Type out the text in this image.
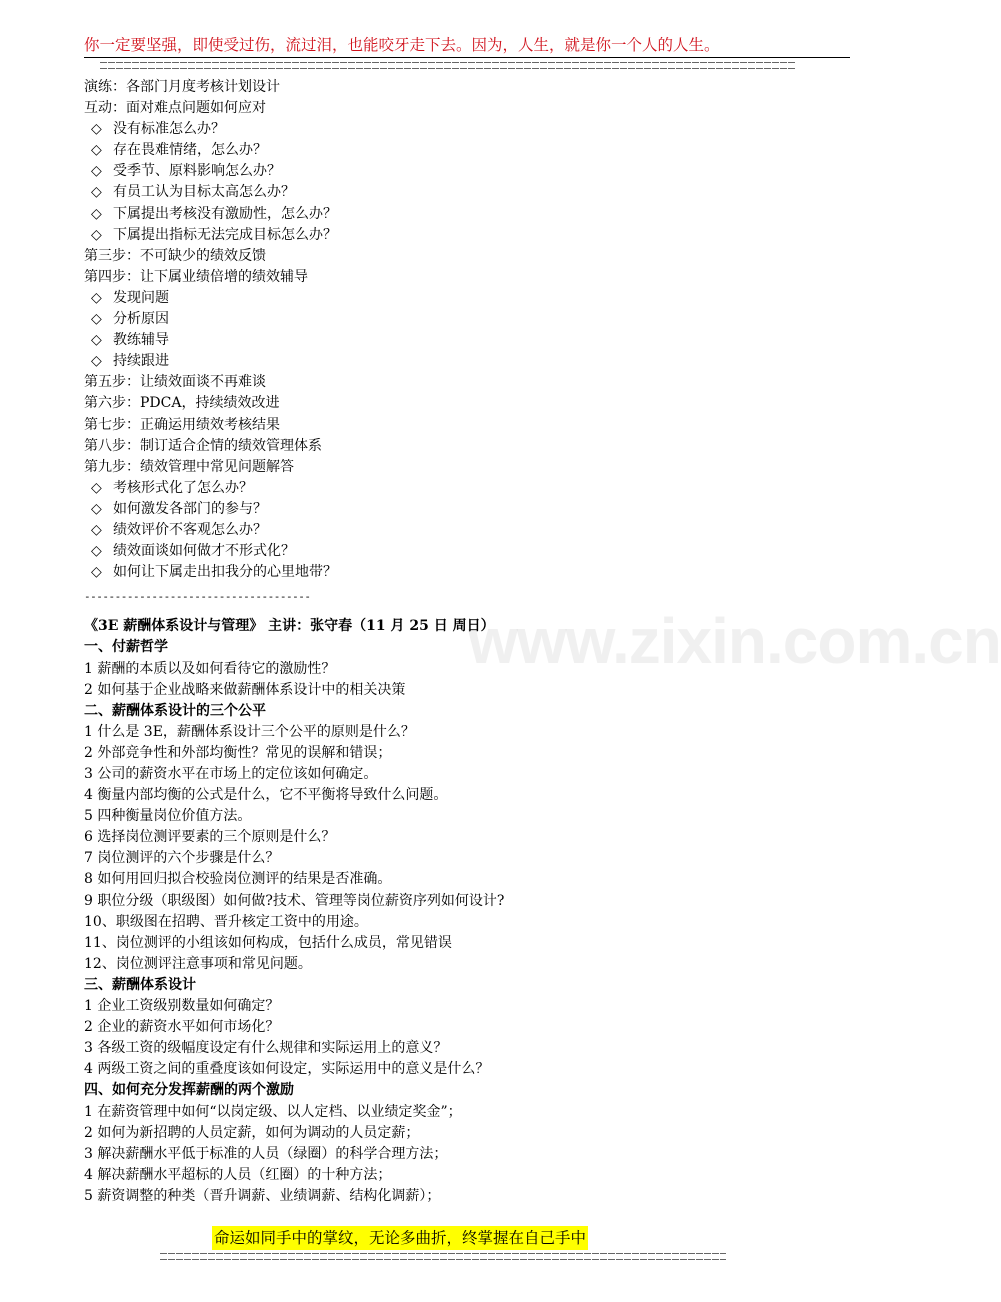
你一定要坚强，即使受过伤，流过泪，也能咬牙走下去。因为，人生，就是你一个人的人生。
www.zixin.com.cn
演练：各部门月度考核计划设计
互动：面对难点问题如何应对
◇ 没有标准怎么办？
◇ 存在畏难情绪，怎么办？
◇ 受季节、原料影响怎么办？
◇ 有员工认为目标太高怎么办？
◇ 下属提出考核没有激励性，怎么办？
◇ 下属提出指标无法完成目标怎么办？
第三步：不可缺少的绩效反馈
第四步：让下属业绩倍增的绩效辅导
◇ 发现问题
◇ 分析原因
◇ 教练辅导
◇ 持续跟进
第五步：让绩效面谈不再难谈
第六步：PDCA，持续绩效改进
第七步：正确运用绩效考核结果
第八步：制订适合企情的绩效管理体系
第九步：绩效管理中常见问题解答
◇ 考核形式化了怎么办？
◇ 如何激发各部门的参与？
◇ 绩效评价不客观怎么办？
◇ 绩效面谈如何做才不形式化？
◇ 如何让下属走出扣我分的心里地带？
-------------------------------------
《3E 薪酬体系设计与管理》 主讲：张守春（11 月 25 日 周日）
一、付薪哲学
1 薪酬的本质以及如何看待它的激励性？
2 如何基于企业战略来做薪酬体系设计中的相关决策
二、薪酬体系设计的三个公平
1 什么是 3E，薪酬体系设计三个公平的原则是什么？
2 外部竞争性和外部均衡性？常见的误解和错误；
3 公司的薪资水平在市场上的定位该如何确定。
4 衡量内部均衡的公式是什么，它不平衡将导致什么问题。
5 四种衡量岗位价值方法。
6 选择岗位测评要素的三个原则是什么？
7 岗位测评的六个步骤是什么？
8 如何用回归拟合校验岗位测评的结果是否准确。
9 职位分级（职级图）如何做?技术、管理等岗位薪资序列如何设计?
10、职级图在招聘、晋升核定工资中的用途。
11、岗位测评的小组该如何构成，包括什么成员，常见错误
12、岗位测评注意事项和常见问题。
三、薪酬体系设计
1 企业工资级别数量如何确定？
2 企业的薪资水平如何市场化？
3 各级工资的级幅度设定有什么规律和实际运用上的意义？
4 两级工资之间的重叠度该如何设定，实际运用中的意义是什么？
四、如何充分发挥薪酬的两个激励
1 在薪资管理中如何“以岗定级、以人定档、以业绩定奖金”；
2 如何为新招聘的人员定薪，如何为调动的人员定薪；
3 解决薪酬水平低于标准的人员（绿圈）的科学合理方法；
4 解决薪酬水平超标的人员（红圈）的十种方法；
5 薪资调整的种类（晋升调薪、业绩调薪、结构化调薪）；
命运如同手中的掌纹，无论多曲折，终掌握在自己手中
